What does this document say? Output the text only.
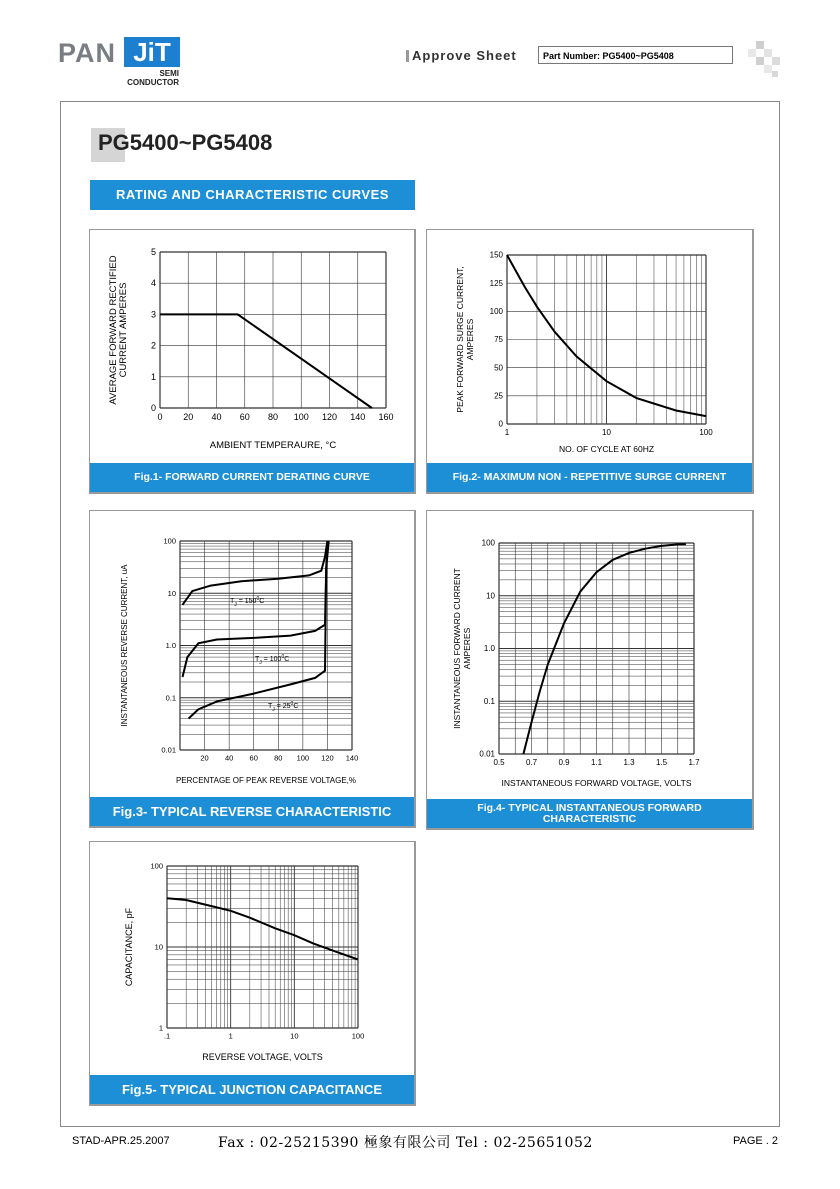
PAN JiT
SEMI
CONDUCTOR
Approve Sheet	Part Number: PG5400~PG5408
PG5400~PG5408
RATING AND CHARACTERISTIC CURVES
0 20 40 60 80 100 120 140 160
0
1
2
3
4
5
AMBIENT TEMPERAURE, °C
AVERAGE FORWARD RECTIFIED CURRENT AMPERES
Fig.1- FORWARD CURRENT DERATING CURVE
1	10	100
0
25
50
75
100
125
150
NO. OF CYCLE AT 60HZ
PEAK FORWARD SURGE CURRENT, AMPERES
Fig.2- MAXIMUM NON - REPETITIVE SURGE CURRENT
20 40 60 80 100 120 140
0.01
0.1
1.0
10
100
PERCENTAGE OF PEAK REVERSE VOLTAGE,%
INSTANTANEOUS REVERSE CURRENT, uA	$T_J = 150^0C$
$T_J = 100^0C$
$T_J = 25^0C$
Fig.3- TYPICAL REVERSE CHARACTERISTIC
0.5	0.7	0.9	1.1	1.3	1.5	1.7
0.01
0.1
1.0
10
100
INSTANTANEOUS FORWARD VOLTAGE, VOLTS
INSTANTANEOUS FORWARD CURRENT AMPERES
Fig.4- TYPICAL INSTANTANEOUS FORWARD
CHARACTERISTIC
.1	1	10	100
1
10
100
REVERSE VOLTAGE, VOLTS
CAPACITANCE, pF
Fig.5- TYPICAL JUNCTION CAPACITANCE
STAD-APR.25.2007	Fax : 02-25215390 極象有限公司 Tel : 02-25651052	PAGE . 2
